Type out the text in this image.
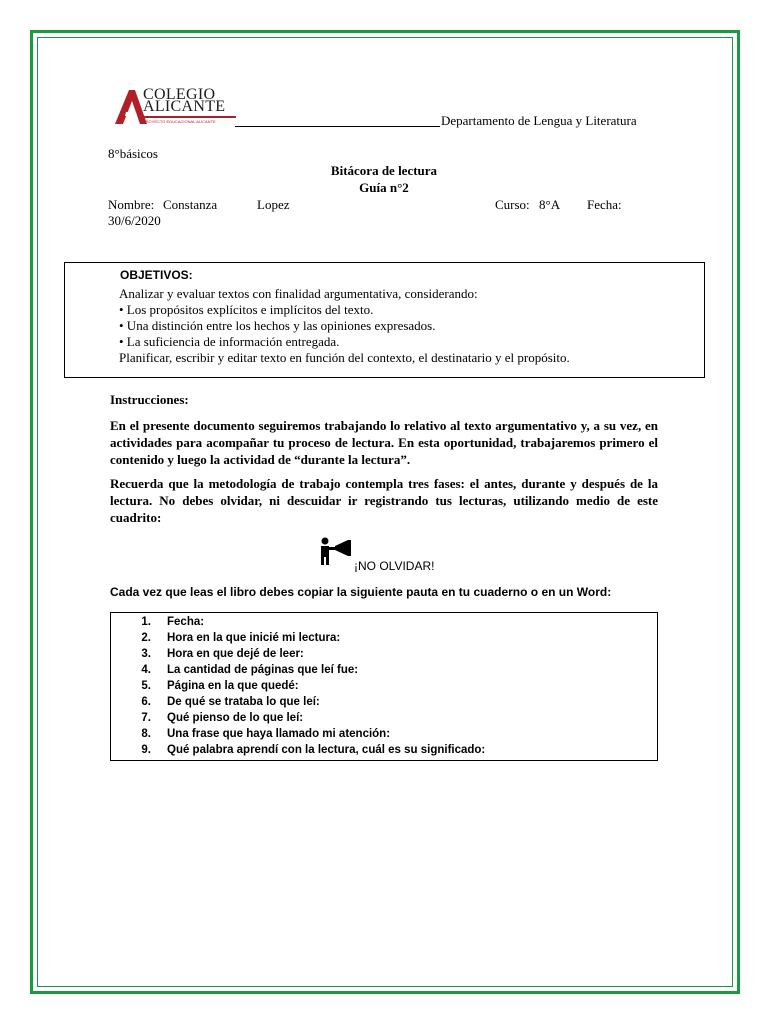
COLEGIO
ALICANTE
PROYECTO EDUCACIONAL ALICANTE	Departamento de Lengua y Literatura
8°básicos
Bitácora de lectura
Guía n°2
Nombre: Constanza	Lopez	Curso: 8°A Fecha:
30/6/2020
OBJETIVOS:
Analizar y evaluar textos con finalidad argumentativa, considerando:
• Los propósitos explícitos e implícitos del texto.
• Una distinción entre los hechos y las opiniones expresados.
• La suficiencia de información entregada.
Planificar, escribir y editar texto en función del contexto, el destinatario y el propósito.
Instrucciones:
En el presente documento seguiremos trabajando lo relativo al texto argumentativo y, a su vez, en actividades para acompañar tu proceso de lectura. En esta oportunidad, trabajaremos primero el contenido y luego la actividad de “durante la lectura”.
Recuerda que la metodología de trabajo contempla tres fases: el antes, durante y después de la lectura. No debes olvidar, ni descuidar ir registrando tus lecturas, utilizando medio de este cuadrito:
¡NO OLVIDAR!
Cada vez que leas el libro debes copiar la siguiente pauta en tu cuaderno o en un Word:
1. Fecha:
2. Hora en la que inicié mi lectura:
3. Hora en que dejé de leer:
4. La cantidad de páginas que leí fue:
5. Página en la que quedé:
6. De qué se trataba lo que leí:
7. Qué pienso de lo que leí:
8. Una frase que haya llamado mi atención:
9. Qué palabra aprendí con la lectura, cuál es su significado:
